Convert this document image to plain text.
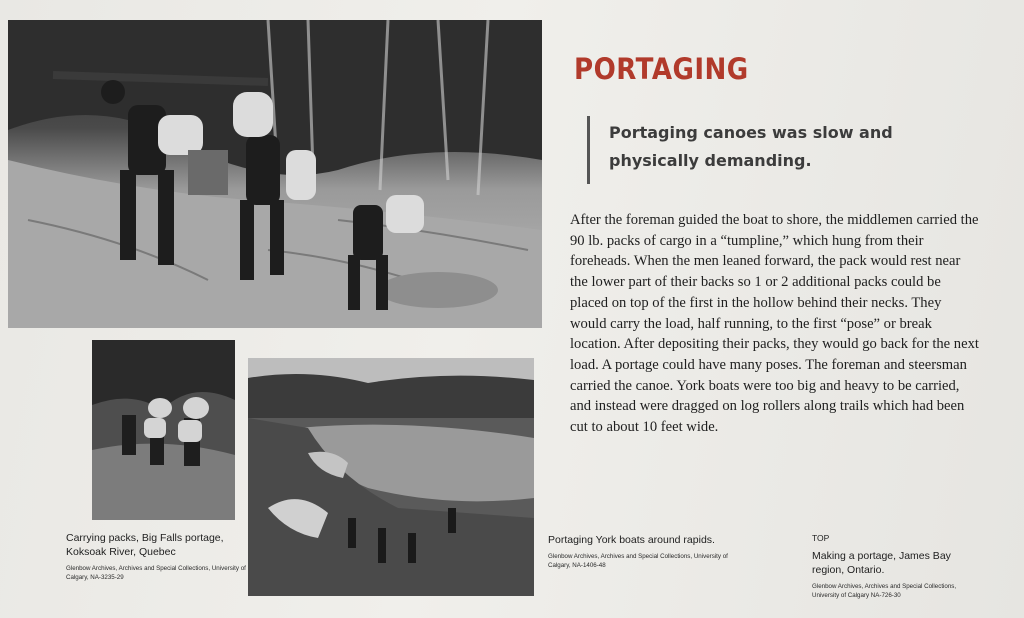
PORTAGING
Portaging canoes was slow and physically demanding.

After the foreman guided the boat to shore, the middlemen carried the 90 lb. packs of cargo in a “tumpline,” which hung from their foreheads. When the men leaned forward, the pack would rest near the lower part of their backs so 1 or 2 additional packs could be placed on top of the first in the hollow behind their necks. They would carry the load, half running, to the first “pose” or break location. After depositing their packs, they would go back for the next load. A portage could have many poses. The foreman and steersman carried the canoe. York boats were too big and heavy to be carried, and instead were dragged on log rollers along trails which had been cut to about 10 feet wide.

Carrying packs, Big Falls portage, Koksoak River, Quebec
Glenbow Archives, Archives and Special Collections, University of Calgary, NA-3235-29
Portaging York boats around rapids.
Glenbow Archives, Archives and Special Collections, University of Calgary, NA-1406-48
TOP
Making a portage, James Bay region, Ontario.
Glenbow Archives, Archives and Special Collections, University of Calgary NA-726-30
